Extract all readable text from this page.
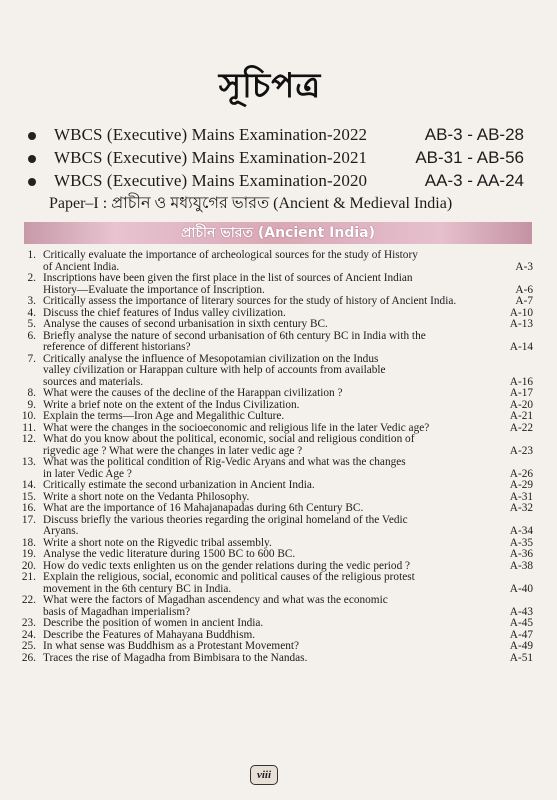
সূচিপত্র
WBCS (Executive) Mains Examination-2022	AB-3 - AB-28
WBCS (Executive) Mains Examination-2021	AB-31 - AB-56
WBCS (Executive) Mains Examination-2020	AA-3 - AA-24
Paper–I : প্রাচীন ও মধ্যযুগের ভারত (Ancient & Medieval India)
প্রাচীন ভারত (Ancient India)
1. Critically evaluate the importance of archeological sources for the study of History
of Ancient India.	A-3
2. Inscriptions have been given the first place in the list of sources of Ancient Indian
History—Evaluate the importance of Inscription.	A-6
3. Critically assess the importance of literary sources for the study of history of Ancient India.	A-7
4. Discuss the chief features of Indus valley civilization.	A-10
5. Analyse the causes of second urbanisation in sixth century BC.	A-13
6. Briefly analyse the nature of second urbanisation of 6th century BC in India with the
reference of different historians?	A-14
7. Critically analyse the influence of Mesopotamian civilization on the Indus
valley civilization or Harappan culture with help of accounts from available
sources and materials.	A-16
8. What were the causes of the decline of the Harappan civilization ?	A-17
9. Write a brief note on the extent of the Indus Civilization.	A-20
10. Explain the terms—Iron Age and Megalithic Culture.	A-21
11. What were the changes in the socioeconomic and religious life in the later Vedic age?	A-22
12. What do you know about the political, economic, social and religious condition of
rigvedic age ? What were the changes in later vedic age ?	A-23
13. What was the political condition of Rig-Vedic Aryans and what was the changes
in later Vedic Age ?	A-26
14. Critically estimate the second urbanization in Ancient India.	A-29
15. Write a short note on the Vedanta Philosophy.	A-31
16. What are the importance of 16 Mahajanapadas during 6th Century BC.	A-32
17. Discuss briefly the various theories regarding the original homeland of the Vedic
Aryans.	A-34
18. Write a short note on the Rigvedic tribal assembly.	A-35
19. Analyse the vedic literature during 1500 BC to 600 BC.	A-36
20. How do vedic texts enlighten us on the gender relations during the vedic period ?	A-38
21. Explain the religious, social, economic and political causes of the religious protest
movement in the 6th century BC in India.	A-40
22. What were the factors of Magadhan ascendency and what was the economic
basis of Magadhan imperialism?	A-43
23. Describe the position of women in ancient India.	A-45
24. Describe the Features of Mahayana Buddhism.	A-47
25. In what sense was Buddhism as a Protestant Movement?	A-49
26. Traces the rise of Magadha from Bimbisara to the Nandas.	A-51
viii
